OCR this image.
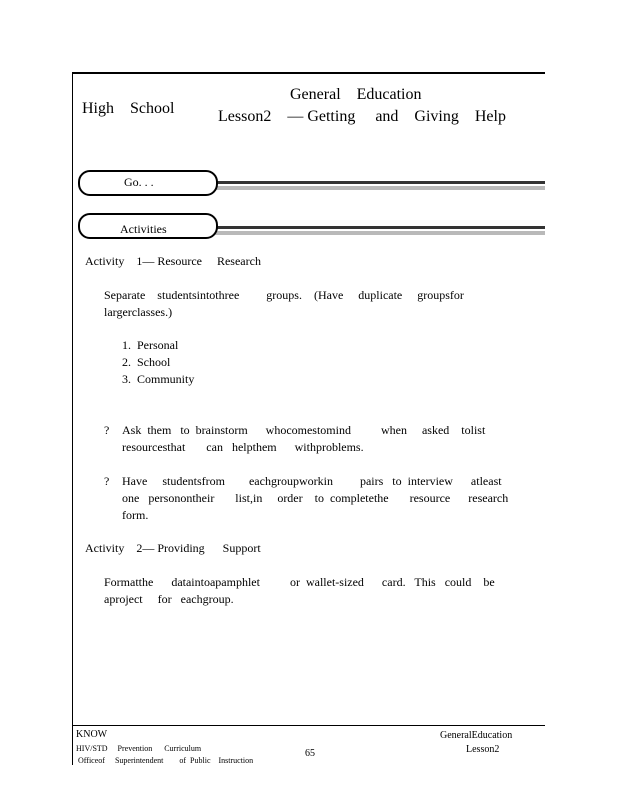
High    School
General    Education
Lesson2    — Getting     and    Giving    Help
Go. . .
Activities
Activity    1— Resource     Research
Separate    studentsintothree         groups.    (Have     duplicate     groupsfor
largerclasses.)
1.  Personal
2.  School
3.  Community
? Ask  them   to  brainstorm      whocomestomind          when     asked    tolist
resourcesthat       can   helpthem      withproblems.
? Have     studentsfrom        eachgroupworkin         pairs   to  interview      atleast
one   personontheir       list,in     order    to  completethe       resource      research
form.
Activity    2— Providing      Support
Formatthe      dataintoapamphlet          or  wallet-sized      card.   This   could    be
aproject     for   eachgroup.
KNOW
HIV/STD     Prevention      Curriculum
Officeof     Superintendent        of  Public    Instruction
65
GeneralEducation
Lesson2
